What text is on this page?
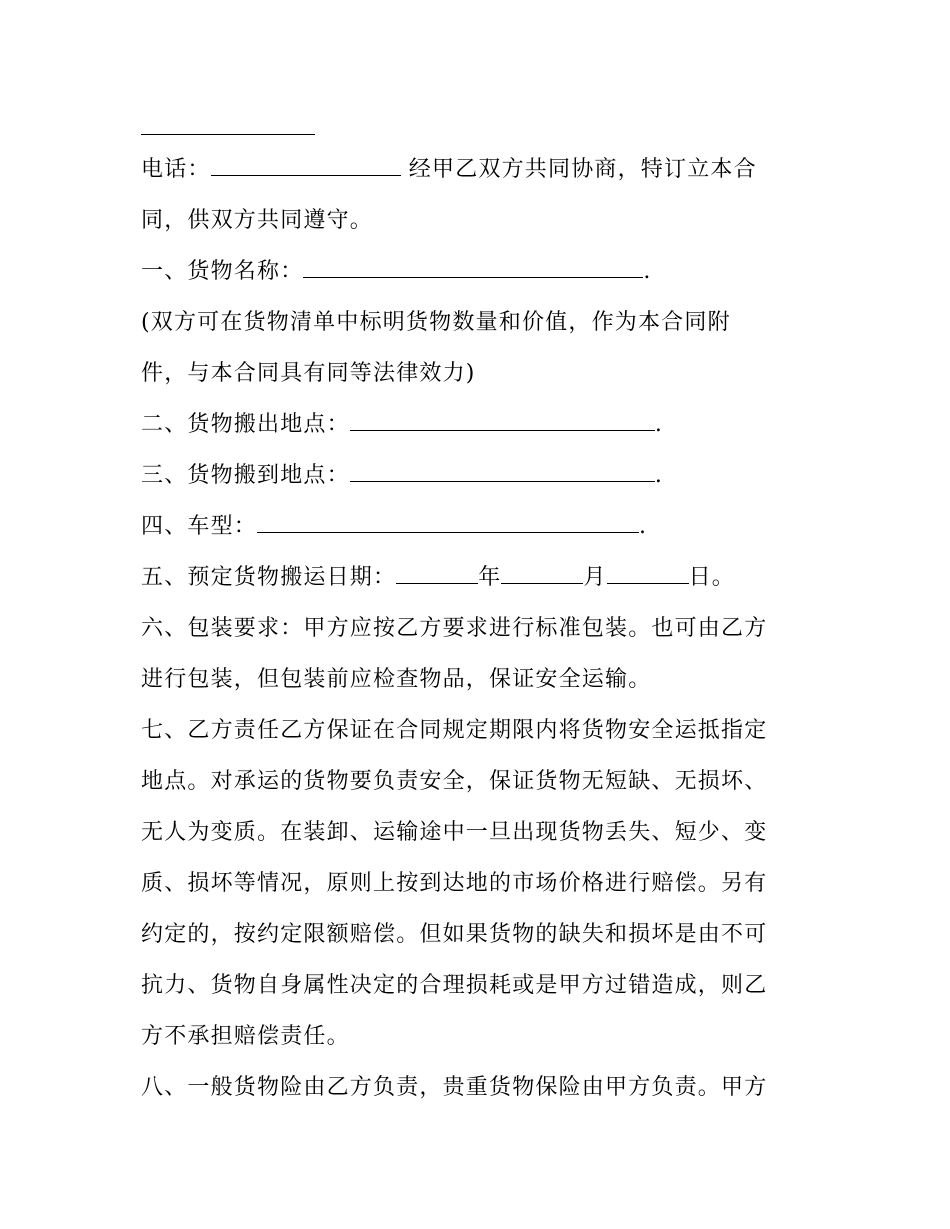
电话：	经甲乙双方共同协商，特订立本合
同，供双方共同遵守。
一、货物名称：	.
(双方可在货物清单中标明货物数量和价值，作为本合同附
件，与本合同具有同等法律效力)
二、货物搬出地点：	.
三、货物搬到地点：	.
四、车型：	.
五、预定货物搬运日期：	年	月	日。
六、包装要求：甲方应按乙方要求进行标准包装。也可由乙方
进行包装，但包装前应检查物品，保证安全运输。
七、乙方责任乙方保证在合同规定期限内将货物安全运抵指定
地点。对承运的货物要负责安全，保证货物无短缺、无损坏、
无人为变质。在装卸、运输途中一旦出现货物丢失、短少、变
质、损坏等情况，原则上按到达地的市场价格进行赔偿。另有
约定的，按约定限额赔偿。但如果货物的缺失和损坏是由不可
抗力、货物自身属性决定的合理损耗或是甲方过错造成，则乙
方不承担赔偿责任。
八、一般货物险由乙方负责，贵重货物保险由甲方负责。甲方
